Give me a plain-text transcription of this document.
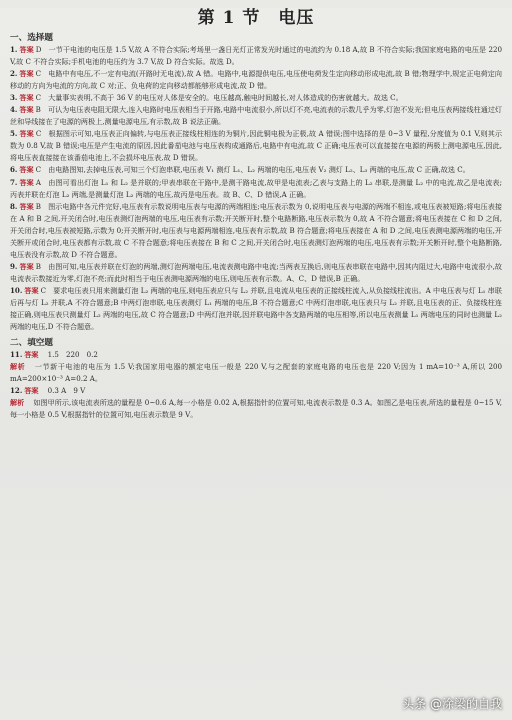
第 1 节　电压
一、选择题

1. 答案 D　 一节干电池的电压是 1.5 V,故 A 不符合实际;考场里一盏日光灯正常发光时通过的电流约为 0.18 A,故 B 不符合实际;我国家庭电路的电压是 220 V,故 C 不符合实际;手机电池的电压约为 3.7 V,故 D 符合实际。故选 D。

2. 答案 C　 电路中有电压,不一定有电流(开路时无电流),故 A 错。电路中,电源提供电压,电压使电荷发生定向移动形成电流,故 B 错;物理学中,规定正电荷定向移动的方向为电流的方向,故 C 对;正、负电荷的定向移动都能够形成电流,故 D 错。

3. 答案 C　 大量事实表明,不高于 36 V 的电压对人体是安全的。电压越高,触电时间越长,对人体造成的伤害就越大。故选 C。

4. 答案 B　 可认为电压表电阻无限大,连入电路时电压表相当于开路,电路中电流很小,所以灯不亮,电流表的示数几乎为零,灯泡不发光;但电压表两接线柱通过灯丝和导线接在了电源的两极上,测量电源电压,有示数,故 B 说法正确。

5. 答案 C　 根据图示可知,电压表正向偏转,与电压表正接线柱相连的为铜片,因此铜电极为正极,故 A 错误;图中选择的是 0~3 V 量程,分度值为 0.1 V,则其示数为 0.8 V,故 B 错误;电压是产生电流的原因,因此番茄电池与电压表构成通路后,电路中有电流,故 C 正确;电压表可以直接接在电源的两极上测电源电压,因此,将电压表直接接在该番茄电池上,不会损坏电压表,故 D 错误。

6. 答案 C　 由电路图知,去掉电压表,可知三个灯泡串联,电压表 V₁ 测灯 L₁、L₂ 两端的电压,电压表 V₂ 测灯 L₂、L₃ 两端的电压,故 C 正确,故选 C。

7. 答案 A　 由图可看出灯泡 L₁ 和 L₂ 是并联的;甲表串联在干路中,是测干路电流,故甲是电流表;乙表与支路上的 L₂ 串联,是测量 L₂ 中的电流,故乙是电流表;丙表并联在灯泡 L₂ 两端,是测量灯泡 L₂ 两端的电压,故丙是电压表。故 B、C、D 错误,A 正确。

8. 答案 B　 图示电路中各元件完好,电压表有示数说明电压表与电源的两端相连;电压表示数为 0,说明电压表与电源的两端不相连,或电压表被短路;将电压表接在 A 和 B 之间,开关闭合时,电压表测灯泡两端的电压,电压表有示数;开关断开时,整个电路断路,电压表示数为 0,故 A 不符合题意;将电压表接在 C 和 D 之间,开关闭合时,电压表被短路,示数为 0;开关断开时,电压表与电源两端相连,电压表有示数,故 B 符合题意;将电压表接在 A 和 D 之间,电压表测电源两端的电压,开关断开或闭合时,电压表都有示数,故 C 不符合题意;将电压表接在 B 和 C 之间,开关闭合时,电压表测灯泡两端的电压,电压表有示数;开关断开时,整个电路断路,电压表没有示数,故 D 不符合题意。

9. 答案 B　 由图可知,电压表并联在灯泡的两端,测灯泡两端电压,电流表测电路中电流;当两表互换后,则电压表串联在电路中,因其内阻过大,电路中电流很小,故电流表示数接近为零,灯泡不亮;而此时相当于电压表测电源两端的电压,则电压表有示数。A、C、D 错误,B 正确。

10. 答案 C　 要求电压表只用来测量灯泡 L₂ 两端的电压,则电压表应只与 L₂ 并联,且电流从电压表的正接线柱流入,从负接线柱流出。A 中电压表与灯 L₁ 串联后再与灯 L₂ 并联,A 不符合题意;B 中两灯泡串联,电压表测灯 L₁ 两端的电压,B 不符合题意;C 中两灯泡串联,电压表只与 L₂ 并联,且电压表的正、负接线柱连接正确,则电压表只测量灯 L₂ 两端的电压,故 C 符合题意;D 中两灯泡并联,因并联电路中各支路两端的电压相等,所以电压表测量 L₁ 两端电压的同时也测量 L₂ 两端的电压,D 不符合题意。

二、填空题

11. 答案　 1.5　220　0.2

解析　 一节新干电池的电压为 1.5 V;我国家用电器的额定电压一般是 220 V,与之配套的家庭电路的电压也是 220 V;因为 1 mA=10⁻³ A,所以 200 mA=200×10⁻³ A=0.2 A。

12. 答案　 0.3 A　9 V

解析　 如图甲所示,该电流表所选的量程是 0~0.6 A,每一小格是 0.02 A,根据指针的位置可知,电流表示数是 0.3 A。如图乙是电压表,所选的量程是 0~15 V,每一小格是 0.5 V,根据指针的位置可知,电压表示数是 9 V。

头条 @涂梁的自我
